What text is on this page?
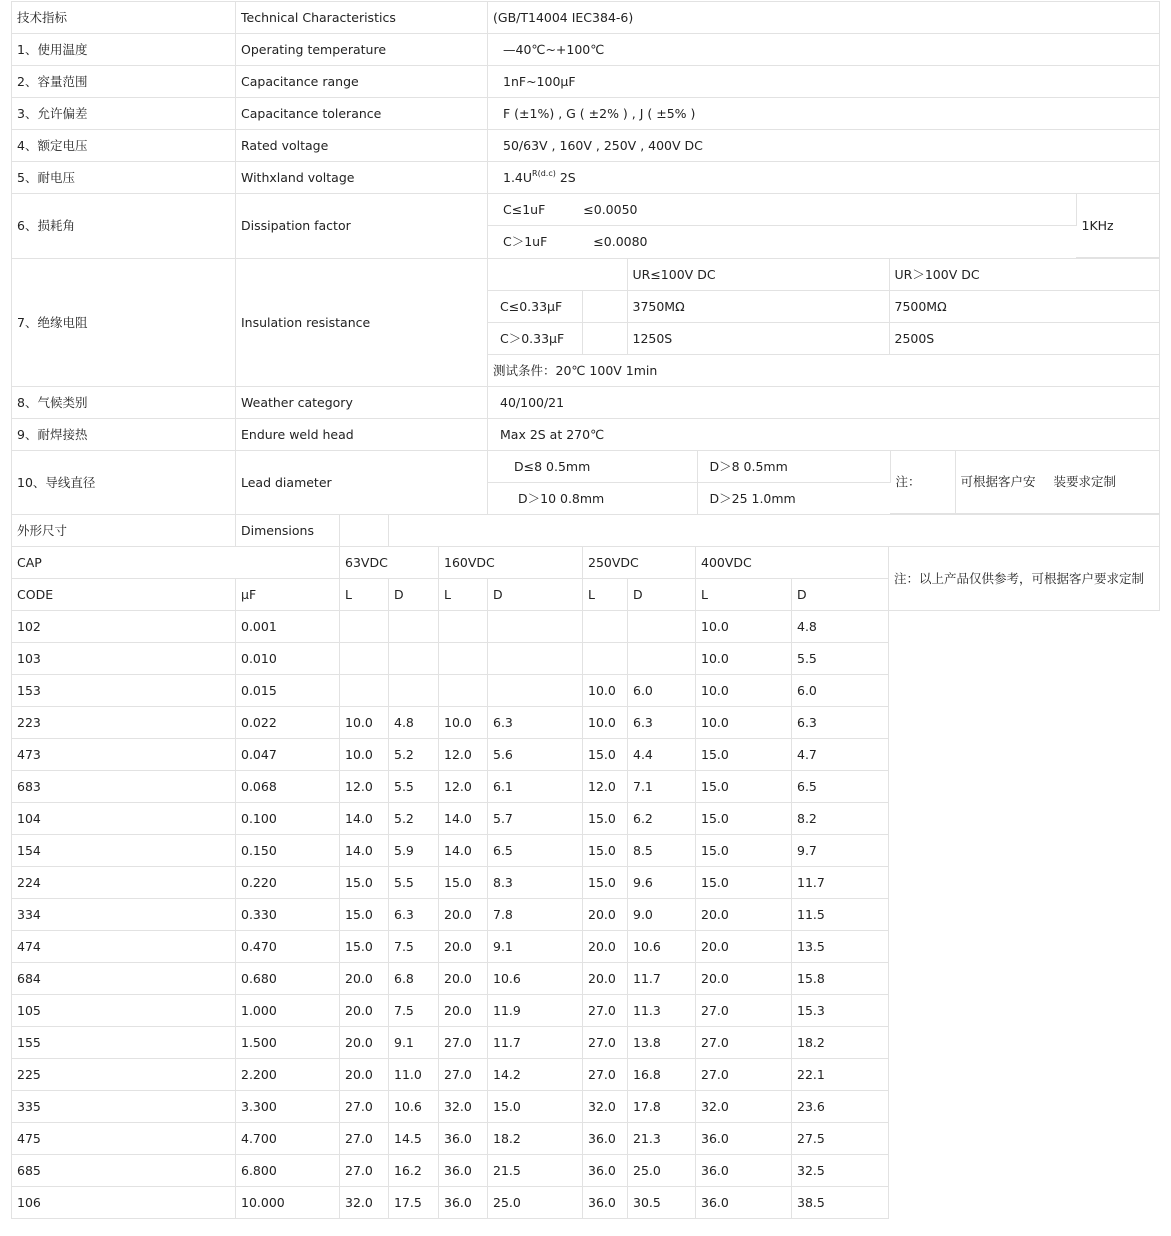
技术指标	Technical Characteristics	(GB/T14004 IEC384-6)
1、使用温度	Operating temperature	—40℃~+100℃
2、容量范围	Capacitance range	1nF~100μF
3、允许偏差	Capacitance tolerance	F (±1%) , G ( ±2% ) , J ( ±5% )
4、额定电压	Rated voltage	50/63V , 160V , 250V , 400V DC
5、耐电压	Withxland voltage	$1.4U^{R(d.c)}$ 2S
6、损耗角	Dissipation factor	
C≤1uF	≤0.0050	1KHz
C＞1uF	≤0.0080

7、绝缘电阻	Insulation resistance	
	UR≤100V DC	UR＞100V DC
C≤0.33μF		3750MΩ	7500MΩ
C＞0.33μF		1250S	2500S
测试条件：20℃ 100V 1min

8、气候类别	Weather category	40/100/21
9、耐焊接热	Endure weld head	Max 2S at 270℃
10、导线直径	Lead diameter	
D≤8 0.5mm	D＞8 0.5mm	注：	可根据客户安 装要求定制
D＞10 0.8mm	D＞25 1.0mm
外形尺寸	Dimensions									
CAP		63VDC		160VDC		250VDC		400VDC		注：以上产品仅供参考，可根据客户要求定制
CODE	μF	L	D	L	D	L	D	L	D	
102	0.001							10.0	4.8	
103	0.010							10.0	5.5	
153	0.015					10.0	6.0	10.0	6.0	
223	0.022	10.0	4.8	10.0	6.3	10.0	6.3	10.0	6.3	
473	0.047	10.0	5.2	12.0	5.6	15.0	4.4	15.0	4.7	
683	0.068	12.0	5.5	12.0	6.1	12.0	7.1	15.0	6.5	
104	0.100	14.0	5.2	14.0	5.7	15.0	6.2	15.0	8.2	
154	0.150	14.0	5.9	14.0	6.5	15.0	8.5	15.0	9.7	
224	0.220	15.0	5.5	15.0	8.3	15.0	9.6	15.0	11.7	
334	0.330	15.0	6.3	20.0	7.8	20.0	9.0	20.0	11.5	
474	0.470	15.0	7.5	20.0	9.1	20.0	10.6	20.0	13.5	
684	0.680	20.0	6.8	20.0	10.6	20.0	11.7	20.0	15.8	
105	1.000	20.0	7.5	20.0	11.9	27.0	11.3	27.0	15.3	
155	1.500	20.0	9.1	27.0	11.7	27.0	13.8	27.0	18.2	
225	2.200	20.0	11.0	27.0	14.2	27.0	16.8	27.0	22.1	
335	3.300	27.0	10.6	32.0	15.0	32.0	17.8	32.0	23.6	
475	4.700	27.0	14.5	36.0	18.2	36.0	21.3	36.0	27.5	
685	6.800	27.0	16.2	36.0	21.5	36.0	25.0	36.0	32.5	
106	10.000	32.0	17.5	36.0	25.0	36.0	30.5	36.0	38.5	
